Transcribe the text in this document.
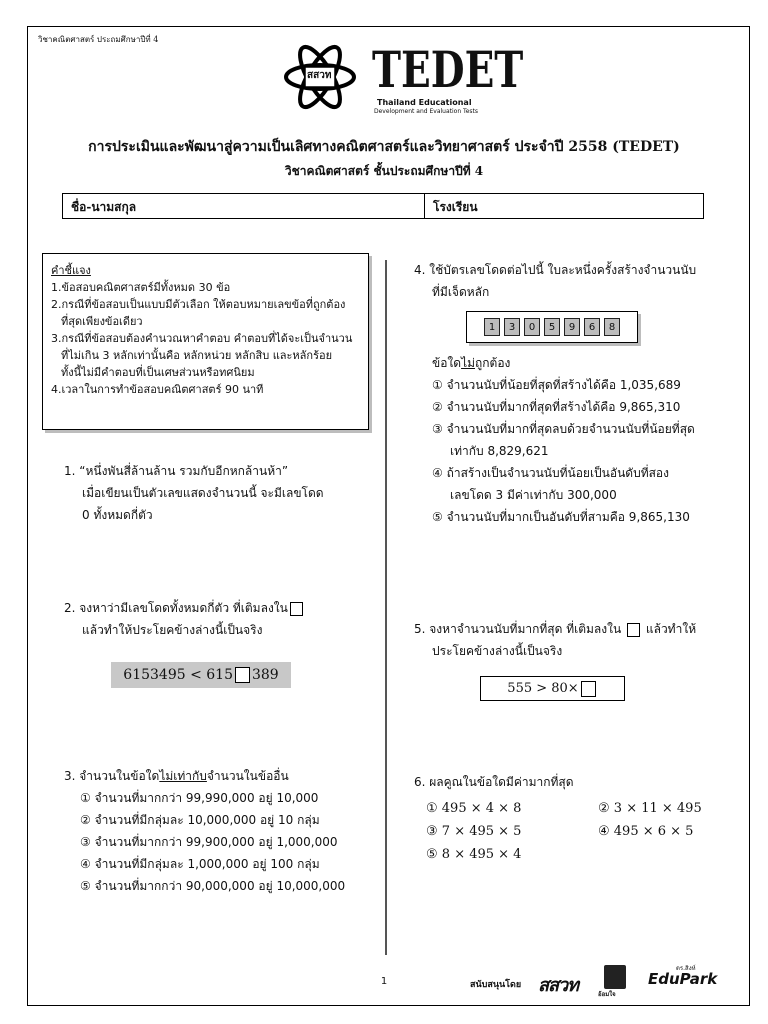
วิชาคณิตศาสตร์ ประถมศึกษาปีที่ 4
สสวท TEDET
Thailand Educational
Development and Evaluation Tests
การประเมินและพัฒนาสู่ความเป็นเลิศทางคณิตศาสตร์และวิทยาศาสตร์ ประจำปี 2558 (TEDET)
วิชาคณิตศาสตร์ ชั้นประถมศึกษาปีที่ 4
ชื่อ-นามสกุล	โรงเรียน
คำชี้แจง
1.ข้อสอบคณิตศาสตร์มีทั้งหมด 30 ข้อ
2.กรณีที่ข้อสอบเป็นแบบมีตัวเลือก ให้ตอบหมายเลขข้อที่ถูกต้อง
ที่สุดเพียงข้อเดียว
3.กรณีที่ข้อสอบต้องคำนวณหาคำตอบ คำตอบที่ได้จะเป็นจำนวน
ที่ไม่เกิน 3 หลักเท่านั้นคือ หลักหน่วย หลักสิบ และหลักร้อย
ทั้งนี้ไม่มีคำตอบที่เป็นเศษส่วนหรือทศนิยม
4.เวลาในการทำข้อสอบคณิตศาสตร์ 90 นาที
1. “หนึ่งพันสี่ล้านล้าน รวมกับอีกหกล้านห้า”
เมื่อเขียนเป็นตัวเลขแสดงจำนวนนี้ จะมีเลขโดด
0 ทั้งหมดกี่ตัว
2. จงหาว่ามีเลขโดดทั้งหมดกี่ตัว ที่เติมลงใน
แล้วทำให้ประโยคข้างล่างนี้เป็นจริง
6153495 < 615 389
3. จำนวนในข้อใดไม่เท่ากับจำนวนในข้ออื่น
① จำนวนที่มากกว่า 99,990,000 อยู่ 10,000
② จำนวนที่มีกลุ่มละ 10,000,000 อยู่ 10 กลุ่ม
③ จำนวนที่มากกว่า 99,900,000 อยู่ 1,000,000
④ จำนวนที่มีกลุ่มละ 1,000,000 อยู่ 100 กลุ่ม
⑤ จำนวนที่มากกว่า 90,000,000 อยู่ 10,000,000
4. ใช้บัตรเลขโดดต่อไปนี้ ใบละหนึ่งครั้งสร้างจำนวนนับ
ที่มีเจ็ดหลัก
1	3	0	5	9	6	8
ข้อใดไม่ถูกต้อง
① จำนวนนับที่น้อยที่สุดที่สร้างได้คือ 1,035,689
② จำนวนนับที่มากที่สุดที่สร้างได้คือ 9,865,310
③ จำนวนนับที่มากที่สุดลบด้วยจำนวนนับที่น้อยที่สุด
เท่ากับ 8,829,621
④ ถ้าสร้างเป็นจำนวนนับที่น้อยเป็นอันดับที่สอง
เลขโดด 3 มีค่าเท่ากับ 300,000
⑤ จำนวนนับที่มากเป็นอันดับที่สามคือ 9,865,130
5. จงหาจำนวนนับที่มากที่สุด ที่เติมลงใน แล้วทำให้
ประโยคข้างล่างนี้เป็นจริง
555 > 80×
6. ผลคูณในข้อใดมีค่ามากที่สุด
① 495 × 4 × 8	② 3 × 11 × 495
③ 7 × 495 × 5	④ 495 × 6 × 5
⑤ 8 × 495 × 4
1	สนับสนุนโดย สสวท	อ้อมใจ
ดร.สิงห์
EduPark
